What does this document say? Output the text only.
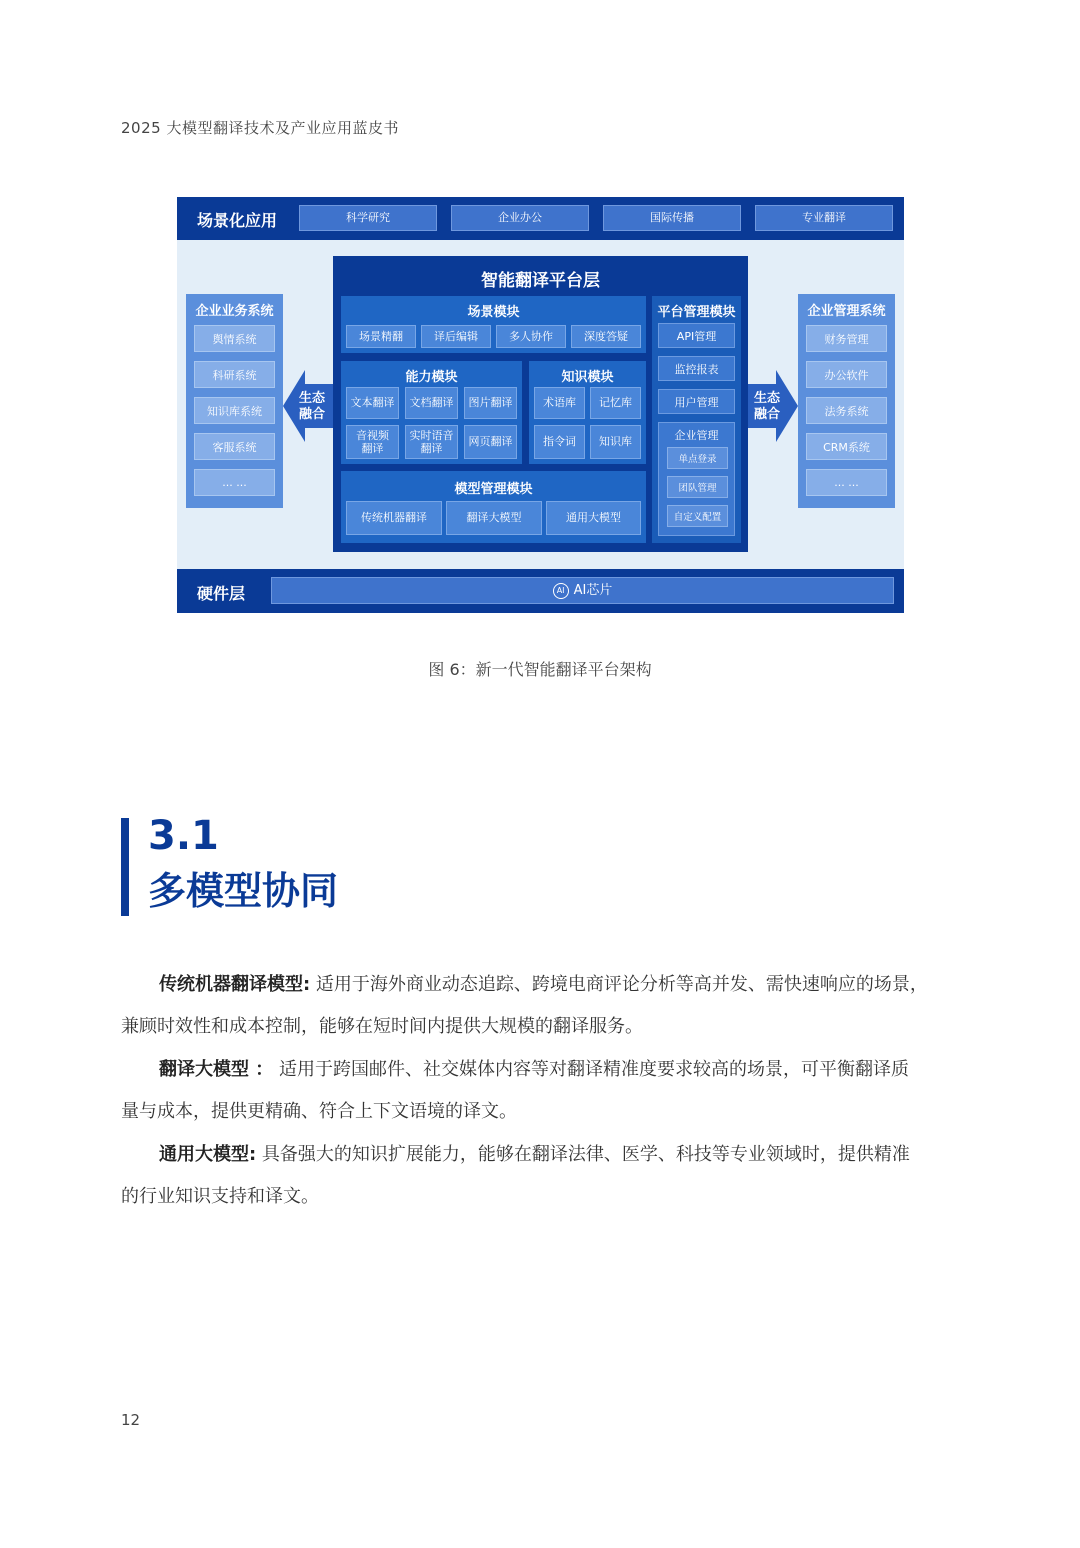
2025 大模型翻译技术及产业应用蓝皮书
场景化应用	科学研究	企业办公	国际传播	专业翻译
企业业务系统
舆情系统
科研系统
知识库系统
客服系统
... ...
生态
融合
智能翻译平台层
场景模块
场景精翻	译后编辑	多人协作	深度答疑
能力模块
文本翻译	文档翻译	图片翻译
音视频
翻译
实时语音
翻译
网页翻译
知识模块
术语库	记忆库
指令词	知识库
模型管理模块
传统机器翻译	翻译大模型	通用大模型
平台管理模块
API管理
监控报表
用户管理
企业管理
单点登录
团队管理
自定义配置
生态
融合
企业管理系统
财务管理
办公软件
法务系统
CRM系统
... ...
硬件层	AI AI芯片
图 6：新一代智能翻译平台架构
3.1
多模型协同
传统机器翻译模型: 适用于海外商业动态追踪、跨境电商评论分析等高并发、需快速响应的场景，
兼顾时效性和成本控制，能够在短时间内提供大规模的翻译服务。
翻译大模型 ： 适用于跨国邮件、社交媒体内容等对翻译精准度要求较高的场景，可平衡翻译质
量与成本，提供更精确、符合上下文语境的译文。
通用大模型: 具备强大的知识扩展能力，能够在翻译法律、医学、科技等专业领域时，提供精准
的行业知识支持和译文。
12
